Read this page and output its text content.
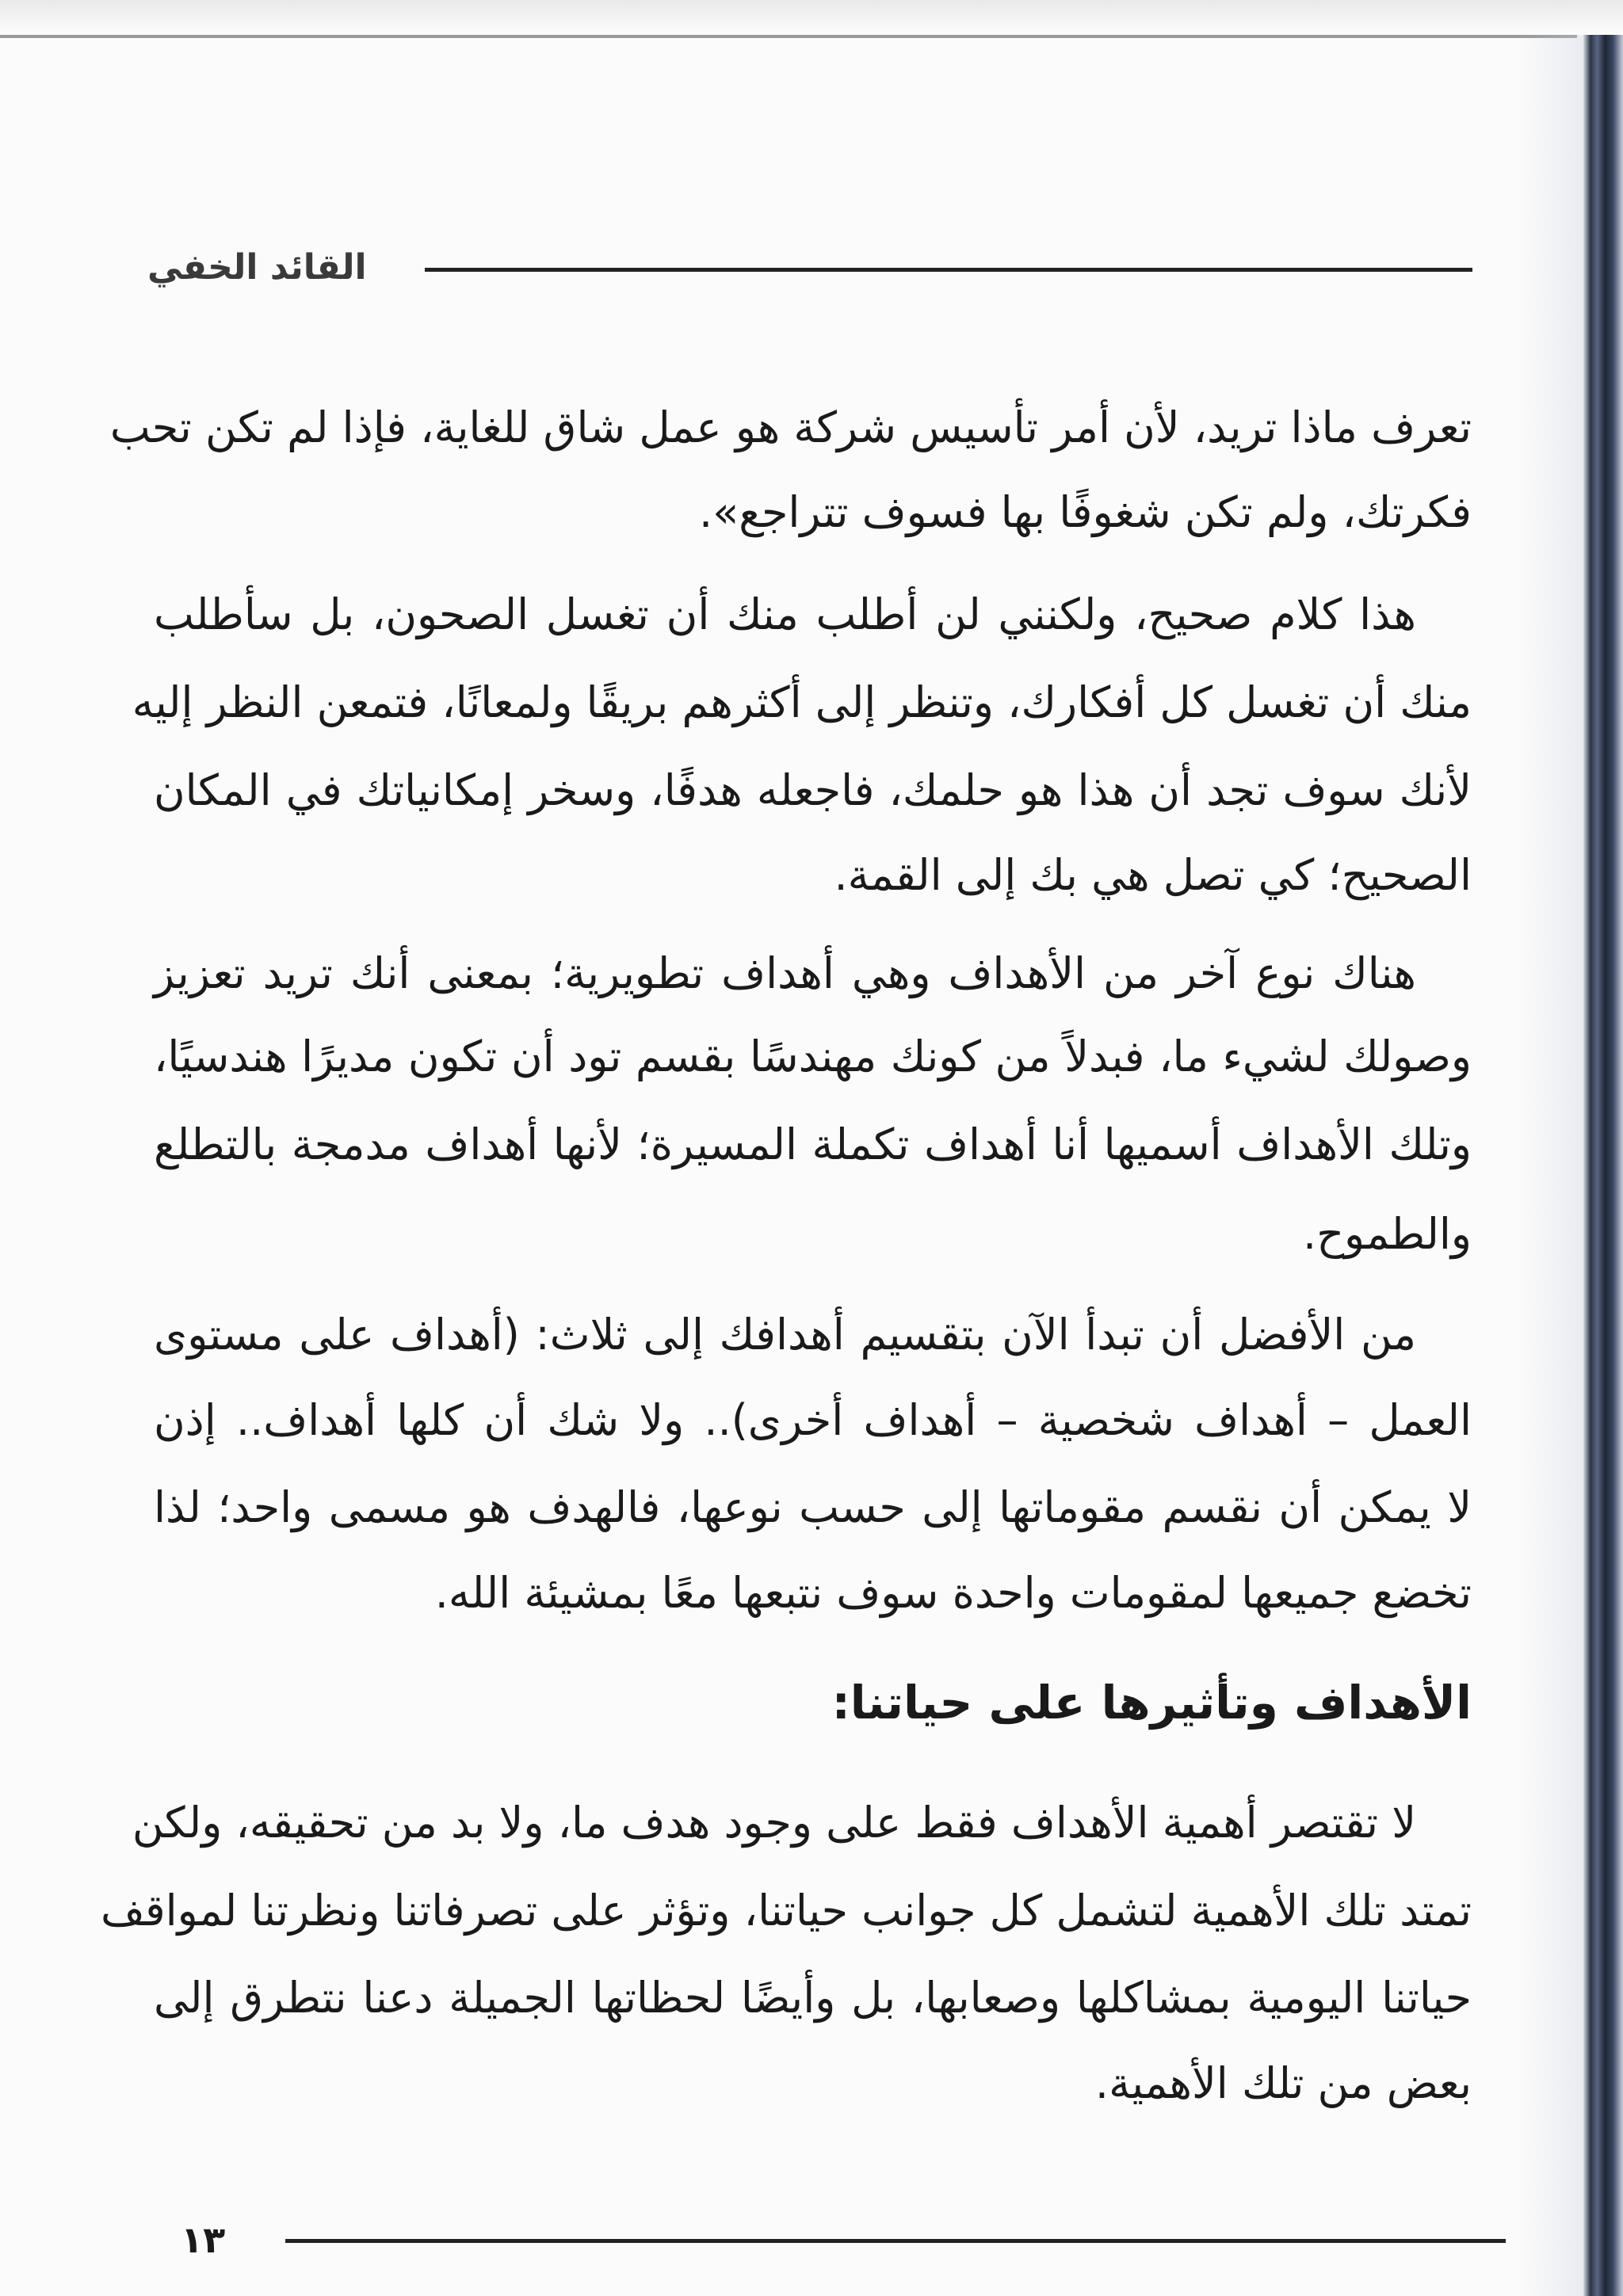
القائد الخفي
تعرف ماذا تريد، لأن أمر تأسيس شركة هو عمل شاق للغاية، فإذا لم تكن تحب
فكرتك، ولم تكن شغوفًا بها فسوف تتراجع».
هذا كلام صحيح، ولكنني لن أطلب منك أن تغسل الصحون، بل سأطلب
منك أن تغسل كل أفكارك، وتنظر إلى أكثرهم بريقًا ولمعانًا، فتمعن النظر إليه
لأنك سوف تجد أن هذا هو حلمك، فاجعله هدفًا، وسخر إمكانياتك في المكان
الصحيح؛ كي تصل هي بك إلى القمة.
هناك نوع آخر من الأهداف وهي أهداف تطويرية؛ بمعنى أنك تريد تعزيز
وصولك لشيء ما، فبدلاً من كونك مهندسًا بقسم تود أن تكون مديرًا هندسيًا،
وتلك الأهداف أسميها أنا أهداف تكملة المسيرة؛ لأنها أهداف مدمجة بالتطلع
والطموح.
من الأفضل أن تبدأ الآن بتقسيم أهدافك إلى ثلاث: (أهداف على مستوى
العمل – أهداف شخصية – أهداف أخرى).. ولا شك أن كلها أهداف.. إذن
لا يمكن أن نقسم مقوماتها إلى حسب نوعها، فالهدف هو مسمى واحد؛ لذا
تخضع جميعها لمقومات واحدة سوف نتبعها معًا بمشيئة الله.
الأهداف وتأثيرها على حياتنا:
لا تقتصر أهمية الأهداف فقط على وجود هدف ما، ولا بد من تحقيقه، ولكن
تمتد تلك الأهمية لتشمل كل جوانب حياتنا، وتؤثر على تصرفاتنا ونظرتنا لمواقف
حياتنا اليومية بمشاكلها وصعابها، بل وأيضًا لحظاتها الجميلة دعنا نتطرق إلى
بعض من تلك الأهمية.
١٣
